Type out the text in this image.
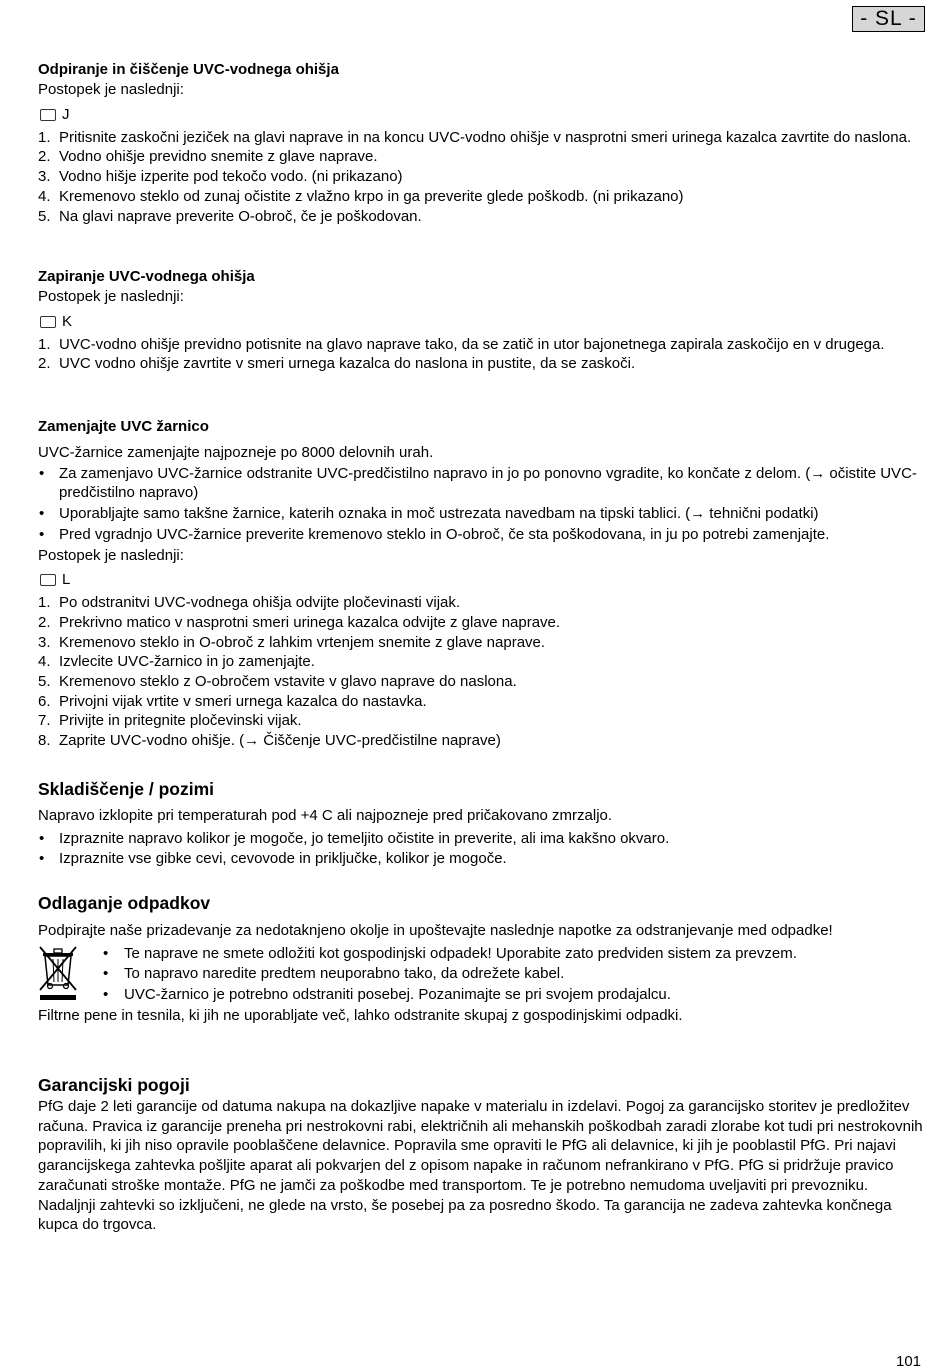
- SL -
Odpiranje in čiščenje UVC-vodnega ohišja

Postopek je naslednji:

J
1. Pritisnite zaskočni jeziček na glavi naprave in na koncu UVC-vodno ohišje v nasprotni smeri urinega kazalca zavrtite do naslona.
2. Vodno ohišje previdno snemite z glave naprave.
3. Vodno hišje izperite pod tekočo vodo. (ni prikazano)
4. Kremenovo steklo od zunaj očistite z vlažno krpo in ga preverite glede poškodb. (ni prikazano)
5. Na glavi naprave preverite O-obroč, če je poškodovan.
Zapiranje UVC-vodnega ohišja

Postopek je naslednji:

K
1. UVC-vodno ohišje previdno potisnite na glavo naprave tako, da se zatič in utor bajonetnega zapirala zaskočijo en v drugega.
2. UVC vodno ohišje zavrtite v smeri urnega kazalca do naslona in pustite, da se zaskoči.
Zamenjajte UVC žarnico

UVC-žarnice zamenjajte najpozneje po 8000 delovnih urah.

• Za zamenjavo UVC-žarnice odstranite UVC-predčistilno napravo in jo po ponovno vgradite, ko končate z delom. (→ očistite UVC-predčistilno napravo)
• Uporabljajte samo takšne žarnice, katerih oznaka in moč ustrezata navedbam na tipski tablici. (→ tehnični podatki)
• Pred vgradnjo UVC-žarnice preverite kremenovo steklo in O-obroč, če sta poškodovana, in ju po potrebi zamenjajte.

Postopek je naslednji:

L
1. Po odstranitvi UVC-vodnega ohišja odvijte pločevinasti vijak.
2. Prekrivno matico v nasprotni smeri urinega kazalca odvijte z glave naprave.
3. Kremenovo steklo in O-obroč z lahkim vrtenjem snemite z glave naprave.
4. Izvlecite UVC-žarnico in jo zamenjajte.
5. Kremenovo steklo z O-obročem vstavite v glavo naprave do naslona.
6. Privojni vijak vrtite v smeri urnega kazalca do nastavka.
7. Privijte in pritegnite pločevinski vijak.
8. Zaprite UVC-vodno ohišje. (→ Čiščenje UVC-predčistilne naprave)
Skladiščenje / pozimi

Napravo izklopite pri temperaturah pod +4 C ali najpozneje pred pričakovano zmrzaljo.

• Izpraznite napravo kolikor je mogoče, jo temeljito očistite in preverite, ali ima kakšno okvaro.
• Izpraznite vse gibke cevi, cevovode in priključke, kolikor je mogoče.
Odlaganje odpadkov

Podpirajte naše prizadevanje za nedotaknjeno okolje in upoštevajte naslednje napotke za odstranjevanje med odpadke!

• Te naprave ne smete odložiti kot gospodinjski odpadek! Uporabite zato predviden sistem za prevzem.
• To napravo naredite predtem neuporabno tako, da odrežete kabel.
• UVC-žarnico je potrebno odstraniti posebej. Pozanimajte se pri svojem prodajalcu.

Filtrne pene in tesnila, ki jih ne uporabljate več, lahko odstranite skupaj z gospodinjskimi odpadki.

Garancijski pogoji

PfG daje 2 leti garancije od datuma nakupa na dokazljive napake v materialu in izdelavi. Pogoj za garancijsko storitev je predložitev računa. Pravica iz garancije preneha pri nestrokovni rabi, električnih ali mehanskih poškodbah zaradi zlorabe kot tudi pri nestrokovnih popravilih, ki jih niso opravile pooblaščene delavnice. Popravila sme opraviti le PfG ali delavnice, ki jih je pooblastil PfG. Pri najavi garancijskega zahtevka pošljite aparat ali pokvarjen del z opisom napake in računom nefrankirano v PfG. PfG si pridržuje pravico zaračunati stroške montaže. PfG ne jamči za poškodbe med transportom. Te je potrebno nemudoma uveljaviti pri prevozniku. Nadaljnji zahtevki so izključeni, ne glede na vrsto, še posebej pa za posredno škodo. Ta garancija ne zadeva zahtevka končnega kupca do trgovca.

101
